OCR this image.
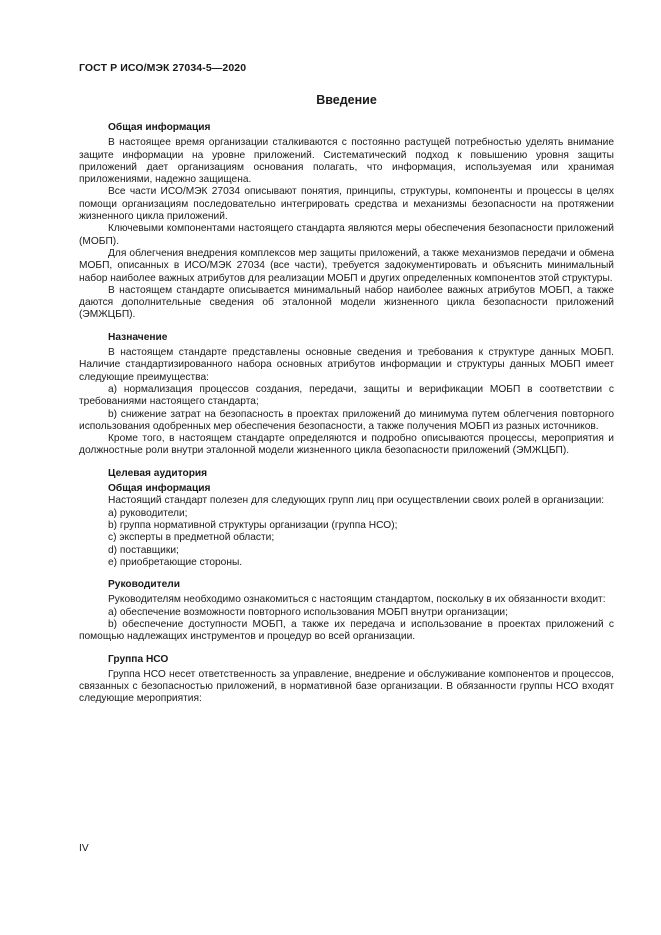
ГОСТ Р ИСО/МЭК 27034-5—2020
Введение
Общая информация

В настоящее время организации сталкиваются с постоянно растущей потребностью уделять внимание защите информации на уровне приложений. Систематический подход к повышению уровня защиты приложений дает организациям основания полагать, что информация, используемая или хранимая приложениями, надежно защищена.

Все части ИСО/МЭК 27034 описывают понятия, принципы, структуры, компоненты и процессы в целях помощи организациям последовательно интегрировать средства и механизмы безопасности на протяжении жизненного цикла приложений.

Ключевыми компонентами настоящего стандарта являются меры обеспечения безопасности приложений (МОБП).

Для облегчения внедрения комплексов мер защиты приложений, а также механизмов передачи и обмена МОБП, описанных в ИСО/МЭК 27034 (все части), требуется задокументировать и объяснить минимальный набор наиболее важных атрибутов для реализации МОБП и других определенных компонентов этой структуры.

В настоящем стандарте описывается минимальный набор наиболее важных атрибутов МОБП, а также даются дополнительные сведения об эталонной модели жизненного цикла безопасности приложений (ЭМЖЦБП).

Назначение

В настоящем стандарте представлены основные сведения и требования к структуре данных МОБП. Наличие стандартизированного набора основных атрибутов информации и структуры данных МОБП имеет следующие преимущества:

а) нормализация процессов создания, передачи, защиты и верификации МОБП в соответствии с требованиями настоящего стандарта;

b) снижение затрат на безопасность в проектах приложений до минимума путем облегчения повторного использования одобренных мер обеспечения безопасности, а также получения МОБП из разных источников.

Кроме того, в настоящем стандарте определяются и подробно описываются процессы, мероприятия и должностные роли внутри эталонной модели жизненного цикла безопасности приложений (ЭМЖЦБП).

Целевая аудитория
Общая информация

Настоящий стандарт полезен для следующих групп лиц при осуществлении своих ролей в организации:

a) руководители;

b) группа нормативной структуры организации (группа НСО);

c) эксперты в предметной области;

d) поставщики;

e) приобретающие стороны.

Руководители

Руководителям необходимо ознакомиться с настоящим стандартом, поскольку в их обязанности входит:

a) обеспечение возможности повторного использования МОБП внутри организации;

b) обеспечение доступности МОБП, а также их передача и использование в проектах приложений с помощью надлежащих инструментов и процедур во всей организации.

Группа НСО

Группа НСО несет ответственность за управление, внедрение и обслуживание компонентов и процессов, связанных с безопасностью приложений, в нормативной базе организации. В обязанности группы НСО входят следующие мероприятия:

IV
